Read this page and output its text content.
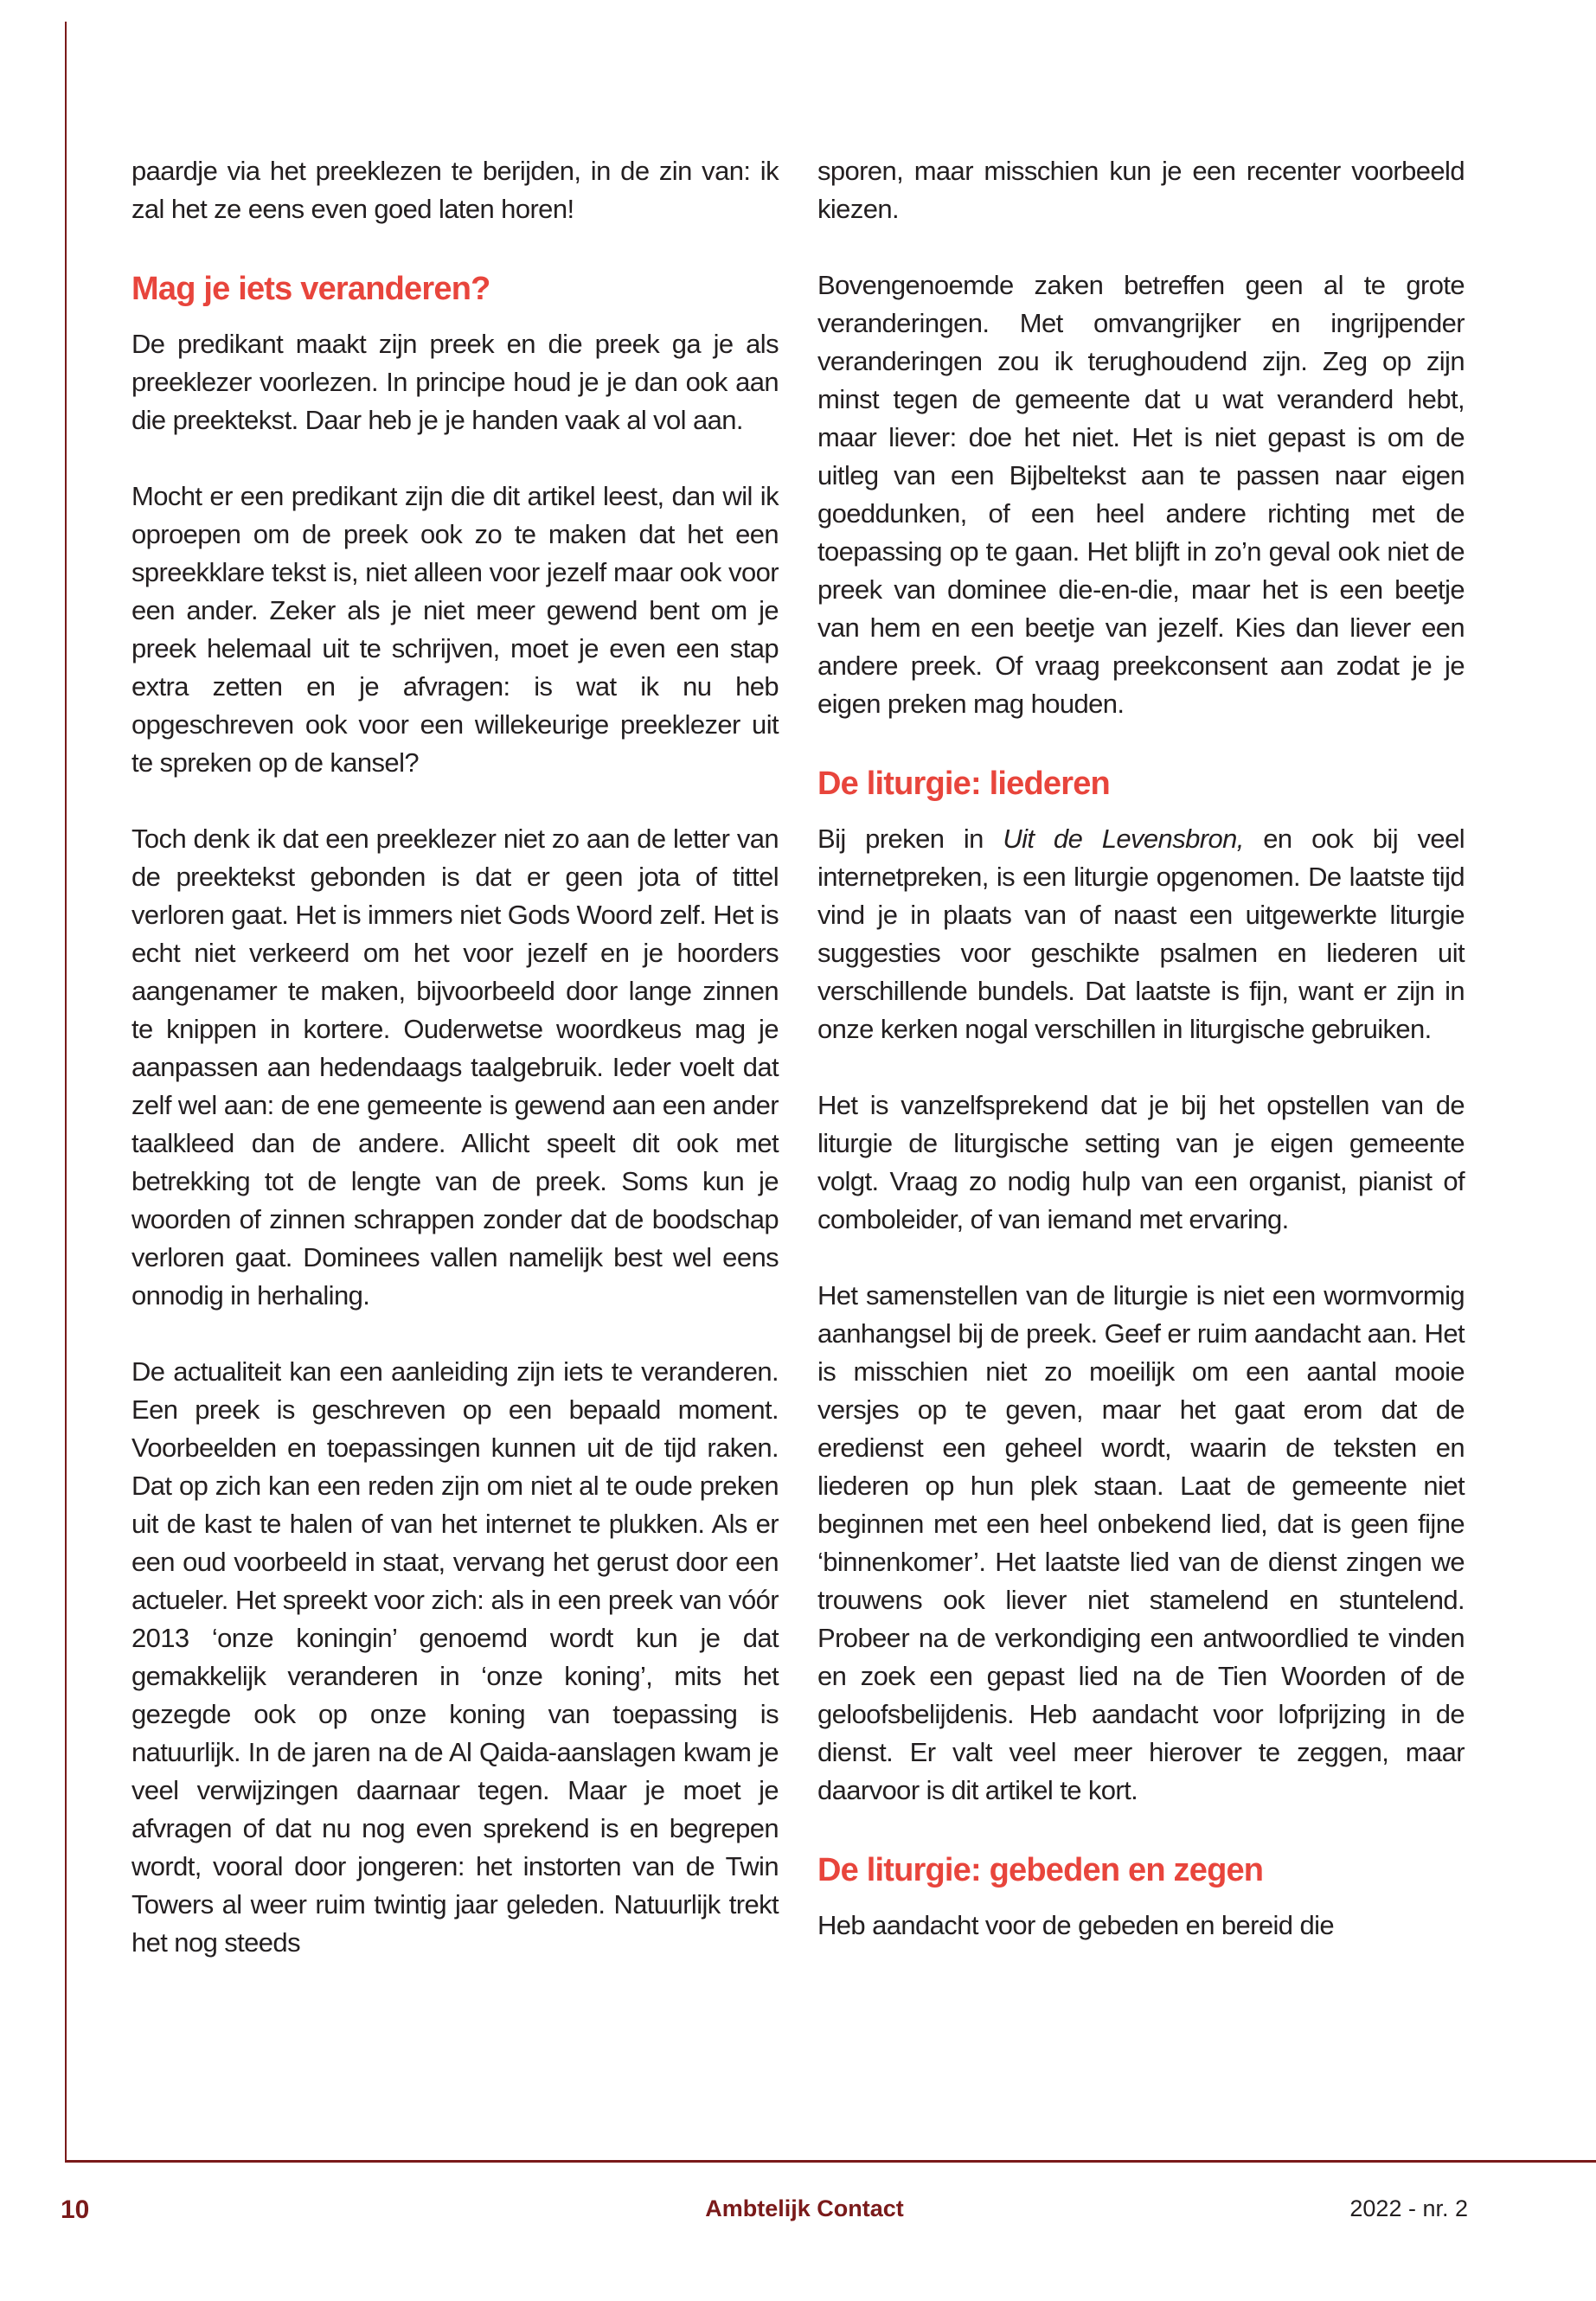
paardje via het preeklezen te berijden, in de zin van: ik zal het ze eens even goed laten horen!

Mag je iets veranderen?

De predikant maakt zijn preek en die preek ga je als preeklezer voorlezen. In principe houd je je dan ook aan die preektekst. Daar heb je je handen vaak al vol aan.

Mocht er een predikant zijn die dit artikel leest, dan wil ik oproepen om de preek ook zo te maken dat het een spreekklare tekst is, niet alleen voor jezelf maar ook voor een ander. Zeker als je niet meer gewend bent om je preek helemaal uit te schrijven, moet je even een stap extra zetten en je afvragen: is wat ik nu heb opgeschreven ook voor een willekeurige preeklezer uit te spreken op de kansel?

Toch denk ik dat een preeklezer niet zo aan de letter van de preektekst gebonden is dat er geen jota of tittel verloren gaat. Het is immers niet Gods Woord zelf. Het is echt niet verkeerd om het voor jezelf en je hoorders aangenamer te maken, bijvoorbeeld door lange zinnen te knippen in kortere. Ouderwetse woordkeus mag je aanpassen aan hedendaags taalgebruik. Ieder voelt dat zelf wel aan: de ene gemeente is gewend aan een ander taalkleed dan de andere. Allicht speelt dit ook met betrekking tot de lengte van de preek. Soms kun je woorden of zinnen schrappen zonder dat de boodschap verloren gaat. Dominees vallen namelijk best wel eens onnodig in herhaling.

De actualiteit kan een aanleiding zijn iets te veranderen. Een preek is geschreven op een bepaald moment. Voorbeelden en toepassingen kunnen uit de tijd raken. Dat op zich kan een reden zijn om niet al te oude preken uit de kast te halen of van het internet te plukken. Als er een oud voorbeeld in staat, vervang het gerust door een actueler. Het spreekt voor zich: als in een preek van vóór 2013 ‘onze koningin’ genoemd wordt kun je dat gemakkelijk veranderen in ‘onze koning’, mits het gezegde ook op onze koning van toepassing is natuurlijk. In de jaren na de Al Qaida-aanslagen kwam je veel verwijzingen daarnaar tegen. Maar je moet je afvragen of dat nu nog even sprekend is en begrepen wordt, vooral door jongeren: het instorten van de Twin Towers al weer ruim twintig jaar geleden. Natuurlijk trekt het nog steeds

sporen, maar misschien kun je een recenter voorbeeld kiezen.

Bovengenoemde zaken betreffen geen al te grote veranderingen. Met omvangrijker en ingrijpender veranderingen zou ik terughoudend zijn. Zeg op zijn minst tegen de gemeente dat u wat veranderd hebt, maar liever: doe het niet. Het is niet gepast is om de uitleg van een Bijbeltekst aan te passen naar eigen goeddunken, of een heel andere richting met de toepassing op te gaan. Het blijft in zo’n geval ook niet de preek van dominee die-en-die, maar het is een beetje van hem en een beetje van jezelf. Kies dan liever een andere preek. Of vraag preekconsent aan zodat je je eigen preken mag houden.

De liturgie: liederen

Bij preken in Uit de Levensbron, en ook bij veel internetpreken, is een liturgie opgenomen. De laatste tijd vind je in plaats van of naast een uitgewerkte liturgie suggesties voor geschikte psalmen en liederen uit verschillende bundels. Dat laatste is fijn, want er zijn in onze kerken nogal verschillen in liturgische gebruiken.

Het is vanzelfsprekend dat je bij het opstellen van de liturgie de liturgische setting van je eigen gemeente volgt. Vraag zo nodig hulp van een organist, pianist of comboleider, of van iemand met ervaring.

Het samenstellen van de liturgie is niet een wormvormig aanhangsel bij de preek. Geef er ruim aandacht aan. Het is misschien niet zo moeilijk om een aantal mooie versjes op te geven, maar het gaat erom dat de eredienst een geheel wordt, waarin de teksten en liederen op hun plek staan. Laat de gemeente niet beginnen met een heel onbekend lied, dat is geen fijne ‘binnenkomer’. Het laatste lied van de dienst zingen we trouwens ook liever niet stamelend en stuntelend. Probeer na de verkondiging een antwoordlied te vinden en zoek een gepast lied na de Tien Woorden of de geloofsbelijdenis. Heb aandacht voor lofprijzing in de dienst. Er valt veel meer hierover te zeggen, maar daarvoor is dit artikel te kort.

De liturgie: gebeden en zegen

Heb aandacht voor de gebeden en bereid die

10	Ambtelijk Contact	2022 - nr. 2
